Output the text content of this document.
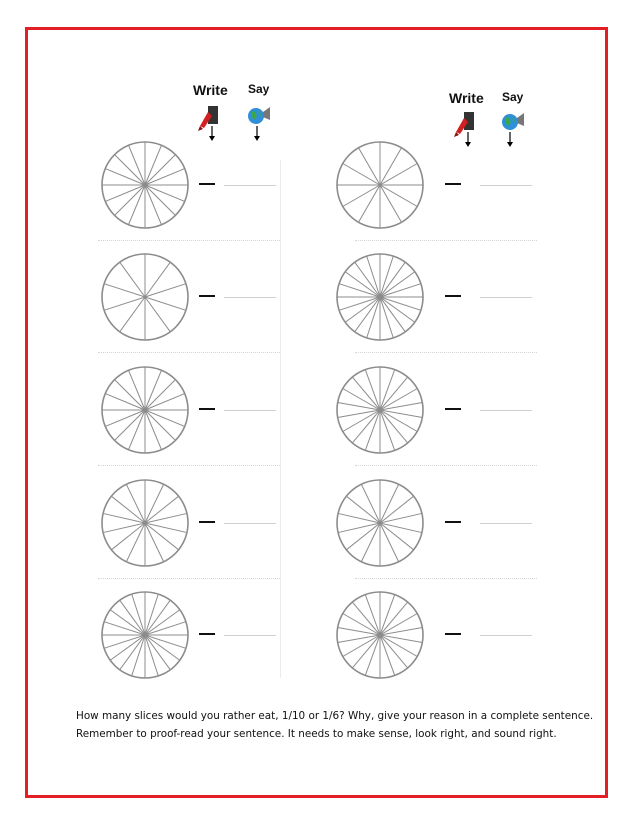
Write Say
Write Say
How many slices would you rather eat, 1/10 or 1/6? Why, give your reason in a complete sentence.
Remember to proof-read your sentence. It needs to make sense, look right, and sound right.
